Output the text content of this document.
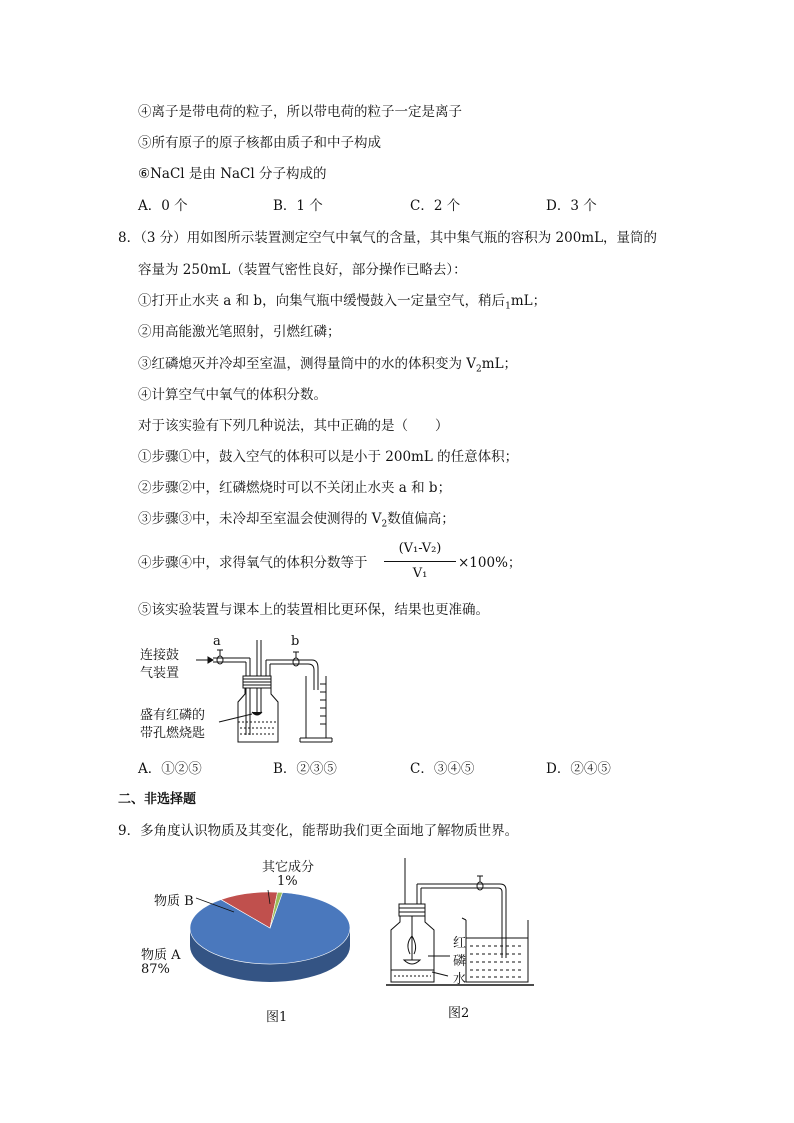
④离子是带电荷的粒子，所以带电荷的粒子一定是离子
⑤所有原子的原子核都由质子和中子构成
⑥NaCl 是由 NaCl 分子构成的
A．0 个	B．1 个	C．2 个	D．3 个
8．（3 分）用如图所示装置测定空气中氧气的含量，其中集气瓶的容积为 200mL，量筒的
容量为 250mL（装置气密性良好，部分操作已略去）：
①打开止水夹 a 和 b，向集气瓶中缓慢鼓入一定量空气，稍后$_1$mL；
②用高能激光笔照射，引燃红磷；
③红磷熄灭并冷却至室温，测得量筒中的水的体积变为 $V_2mL$；
④计算空气中氧气的体积分数。
对于该实验有下列几种说法，其中正确的是（　　）
①步骤①中，鼓入空气的体积可以是小于 200mL 的任意体积；
②步骤②中，红磷燃烧时可以不关闭止水夹 a 和 b；
③步骤③中，未冷却至室温会使测得的 $V_2$数值偏高；
④步骤④中，求得氧气的体积分数等于
(V₁-V₂)
V₁
×100%；
⑤该实验装置与课本上的装置相比更环保，结果也更准确。
a	b
连接鼓
气装置
盛有红磷的
带孔燃烧匙
A．①②⑤	B．②③⑤	C．③④⑤	D．②④⑤
二、非选择题
9．多角度认识物质及其变化，能帮助我们更全面地了解物质世界。
其它成分
1%
物质 B
物质 A
87%
图1
红
磷
水
图2
